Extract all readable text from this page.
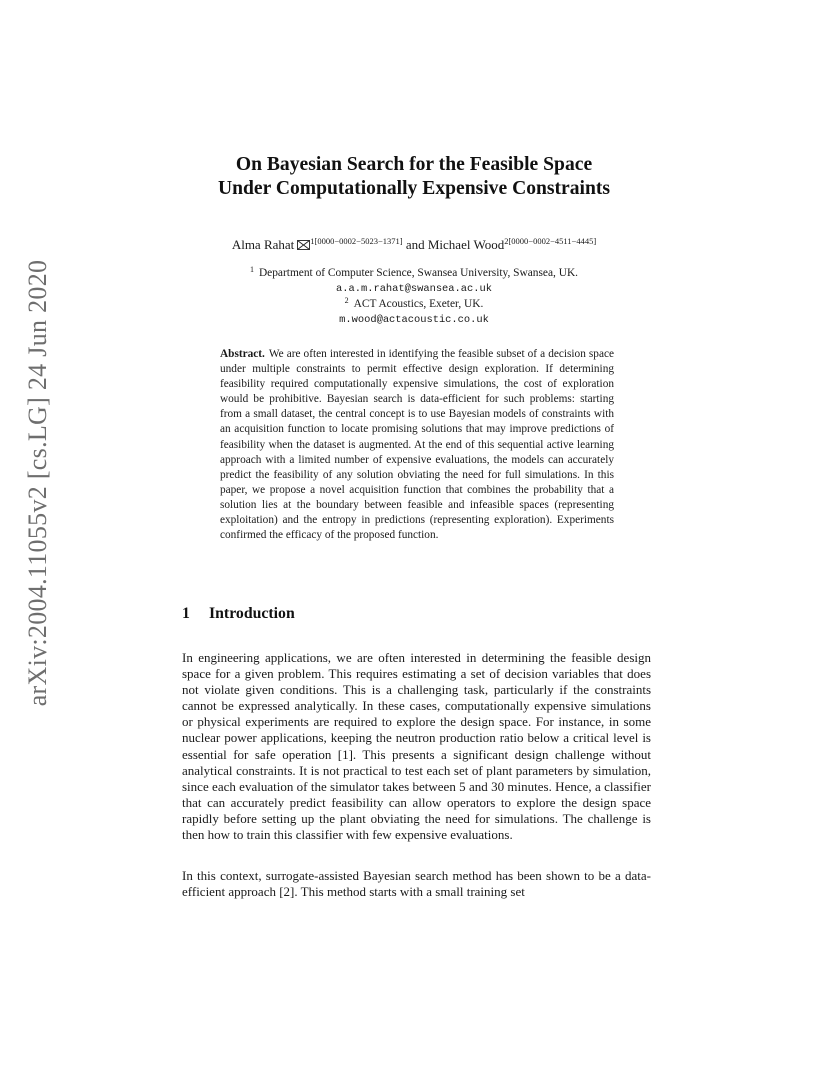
arXiv:2004.11055v2 [cs.LG] 24 Jun 2020
On Bayesian Search for the Feasible Space
Under Computationally Expensive Constraints
Alma Rahat $^{1[0000-0002-5023-1371]}$ and Michael Wood$^{2[0000-0002-4511-4445]}$
$^1$ Department of Computer Science, Swansea University, Swansea, UK.
a.a.m.rahat@swansea.ac.uk
$^2$ ACT Acoustics, Exeter, UK.
m.wood@actacoustic.co.uk
Abstract. We are often interested in identifying the feasible subset of a decision space under multiple constraints to permit effective design exploration. If determining feasibility required computationally expensive simulations, the cost of exploration would be prohibitive. Bayesian search is data-efficient for such problems: starting from a small dataset, the central concept is to use Bayesian models of constraints with an acquisition function to locate promising solutions that may improve predictions of feasibility when the dataset is augmented. At the end of this sequential active learning approach with a limited number of expensive evaluations, the models can accurately predict the feasibility of any solution obviating the need for full simulations. In this paper, we propose a novel acquisition function that combines the probability that a solution lies at the boundary between feasible and infeasible spaces (representing exploitation) and the entropy in predictions (representing exploration). Experiments confirmed the efficacy of the proposed function.
1 Introduction
In engineering applications, we are often interested in determining the feasible design space for a given problem. This requires estimating a set of decision variables that does not violate given conditions. This is a challenging task, particularly if the constraints cannot be expressed analytically. In these cases, computationally expensive simulations or physical experiments are required to explore the design space. For instance, in some nuclear power applications, keeping the neutron production ratio below a critical level is essential for safe operation [1]. This presents a significant design challenge without analytical constraints. It is not practical to test each set of plant parameters by simulation, since each evaluation of the simulator takes between 5 and 30 minutes. Hence, a classifier that can accurately predict feasibility can allow operators to explore the design space rapidly before setting up the plant obviating the need for simulations. The challenge is then how to train this classifier with few expensive evaluations.
In this context, surrogate-assisted Bayesian search method has been shown to be a data-efficient approach [2]. This method starts with a small training set
